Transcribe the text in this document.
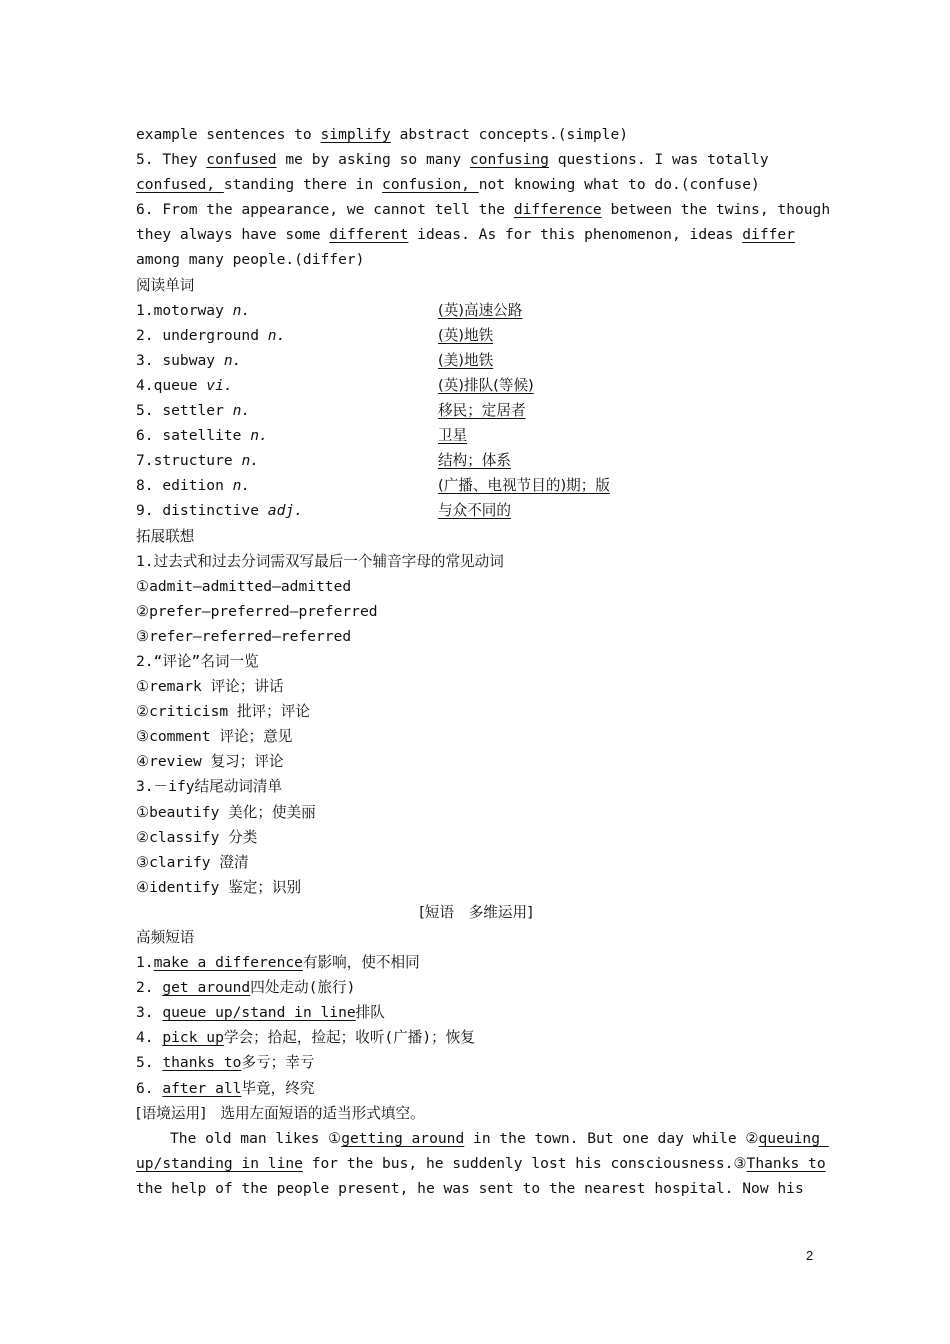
example sentences to simplify abstract concepts.(simple)
5. They confused me by asking so many confusing questions. I was totally
confused, standing there in confusion, not knowing what to do.(confuse)
6. From the appearance, we cannot tell the difference between the twins, though
they always have some different ideas. As for this phenomenon, ideas differ
among many people.(differ)
阅读单词
1.motorway n.	(英)高速公路
2. underground n.	(英)地铁
3. subway n.	(美)地铁
4.queue vi.	(英)排队(等候)
5. settler n.	移民；定居者
6. satellite n.	卫星
7.structure n.	结构；体系
8. edition n.	(广播、电视节目的)期；版
9. distinctive adj.	与众不同的
拓展联想
1.过去式和过去分词需双写最后一个辅音字母的常见动词
①admit—admitted—admitted
②prefer—preferred—preferred
③refer—referred—referred
2.“评论”名词一览
①remark 评论；讲话
②criticism 批评；评论
③comment 评论；意见
④review 复习；评论
3.－ify结尾动词清单
①beautify 美化；使美丽
②classify 分类
③clarify 澄清
④identify 鉴定；识别
[短语　多维运用]
高频短语
1.make a difference有影响，使不相同
2. get around四处走动(旅行)
3. queue up/stand in line排队
4. pick up学会；拾起，捡起；收听(广播)；恢复
5. thanks to多亏；幸亏
6. after all毕竟，终究
[语境运用]　选用左面短语的适当形式填空。
The old man likes ①getting around in the town. But one day while ②queuing
up/standing in line for the bus, he suddenly lost his consciousness.③Thanks to
the help of the people present, he was sent to the nearest hospital. Now his
2
